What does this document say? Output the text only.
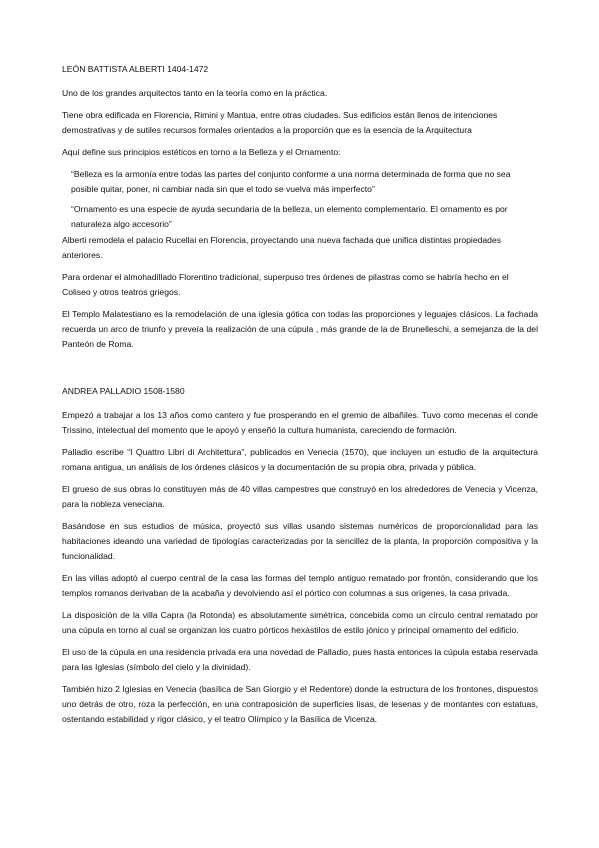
LEÓN BATTISTA ALBERTI 1404-1472

Uno de los grandes arquitectos tanto en la teoría como en la práctica.

Tiene obra edificada en Florencia, Rimini y Mantua, entre otras ciudades. Sus edificios están llenos de intenciones demostrativas y de sutiles recursos formales orientados a la proporción que es la esencia de la Arquitectura

Aquí define sus principios estéticos en torno a la Belleza y el Ornamento:

“Belleza es la armonía entre todas las partes del conjunto conforme a una norma determinada de forma que no sea posible quitar, poner, ni cambiar nada sin que el todo se vuelva más imperfecto”

“Ornamento es una especie de ayuda secundaria de la belleza, un elemento complementario. El ornamento es por naturaleza algo accesorio”

Alberti remodela el palacio Rucellai en Florencia, proyectando una nueva fachada que unifica distintas propiedades anteriores.

Para ordenar el almohadillado Florentino tradicional, superpuso tres órdenes de pilastras como se habría hecho en el Coliseo y otros teatros griegos.

El Templo Malatestiano es la remodelación de una iglesia gótica con todas las proporciones y leguajes clásicos. La fachada recuerda un arco de triunfo y preveía la realización de una cúpula , más grande de la de Brunelleschi, a semejanza de la del Panteón de Roma.

ANDREA PALLADIO 1508-1580

Empezó a trabajar a los 13 años como cantero y fue prosperando en el gremio de albañiles. Tuvo como mecenas el conde Trissino, intelectual del momento que le apoyó y enseñó la cultura humanista, careciendo de formación.

Palladio escribe “I Quattro Libri di Architettura”, publicados en Venecia (1570), que incluyen un estudio de la arquitectura romana antigua, un análisis de los órdenes clásicos y la documentación de su propia obra, privada y pública.

El grueso de sus obras lo constituyen más de 40 villas campestres que construyó en los alrededores de Venecia y Vicenza, para la nobleza veneciana.

Basándose en sus estudios de música, proyectó sus villas usando sistemas numéricos de proporcionalidad para las habitaciones ideando una variedad de tipologías caracterizadas por la sencillez de la planta, la proporción compositiva y la funcionalidad.

En las villas adoptó al cuerpo central de la casa las formas del templo antiguo rematado por frontón, considerando que los templos romanos derivaban de la acabaña y devolviendo así el pórtico con columnas a sus orígenes, la casa privada.

La disposición de la villa Capra (la Rotonda) es absolutamente simétrica, concebida como un círculo central rematado por una cúpula en torno al cual se organizan los cuatro pórticos hexástilos de estilo jónico y principal ornamento del edificio.

El uso de la cúpula en una residencia privada era una novedad de Palladio, pues hasta entonces la cúpula estaba reservada para las Iglesias (símbolo del cielo y la divinidad).

También hizo 2 Iglesias en Venecia (basílica de San Giorgio y el Redentore) donde la estructura de los frontones, dispuestos uno detrás de otro, roza la perfección, en una contraposición de superficies lisas, de lesenas y de montantes con estatuas, ostentando estabilidad y rigor clásico, y el teatro Olímpico y la Basílica de Vicenza.
